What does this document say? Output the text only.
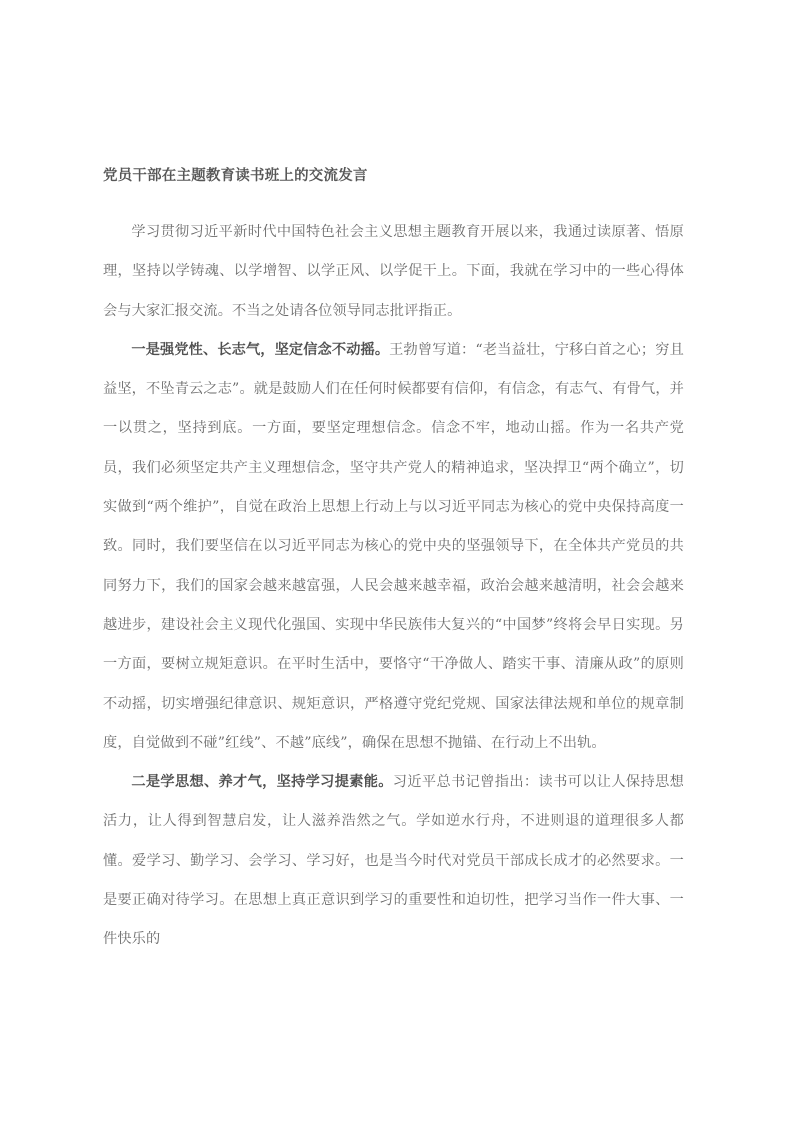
党员干部在主题教育读书班上的交流发言

学习贯彻习近平新时代中国特色社会主义思想主题教育开展以来，我通过读原著、悟原理，坚持以学铸魂、以学增智、以学正风、以学促干上。下面，我就在学习中的一些心得体会与大家汇报交流。不当之处请各位领导同志批评指正。

一是强党性、长志气，坚定信念不动摇。王勃曾写道：“老当益壮，宁移白首之心；穷且益坚，不坠青云之志”。就是鼓励人们在任何时候都要有信仰，有信念，有志气、有骨气，并一以贯之，坚持到底。一方面，要坚定理想信念。信念不牢，地动山摇。作为一名共产党员，我们必须坚定共产主义理想信念，坚守共产党人的精神追求，坚决捍卫“两个确立”，切实做到“两个维护”，自觉在政治上思想上行动上与以习近平同志为核心的党中央保持高度一致。同时，我们要坚信在以习近平同志为核心的党中央的坚强领导下，在全体共产党员的共同努力下，我们的国家会越来越富强，人民会越来越幸福，政治会越来越清明，社会会越来越进步，建设社会主义现代化强国、实现中华民族伟大复兴的“中国梦”终将会早日实现。另一方面，要树立规矩意识。在平时生活中，要恪守“干净做人、踏实干事、清廉从政”的原则不动摇，切实增强纪律意识、规矩意识，严格遵守党纪党规、国家法律法规和单位的规章制度，自觉做到不碰”红线”、不越”底线”，确保在思想不抛锚、在行动上不出轨。

二是学思想、养才气，坚持学习提素能。习近平总书记曾指出：读书可以让人保持思想活力，让人得到智慧启发，让人滋养浩然之气。学如逆水行舟，不进则退的道理很多人都懂。爱学习、勤学习、会学习、学习好，也是当今时代对党员干部成长成才的必然要求。一是要正确对待学习。在思想上真正意识到学习的重要性和迫切性，把学习当作一件大事、一件快乐的
